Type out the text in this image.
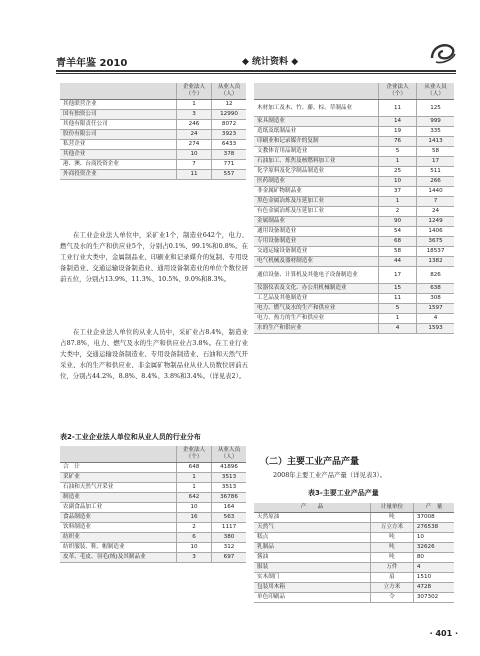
青羊年鉴 2010	◆ 统计资料 ◆
	企业法人
（个）	从业人员
（人）
其他联营企业	1	12
国有独资公司	3	12990
其他有限责任公司	246	8072
股份有限公司	24	3923
私营企业	274	6433
其他企业	10	378
港、澳、台商投资企业	7	771
外商投资企业	11	557
在工业企业法人单位中，采矿业1个，制造业642个，电力、燃气及水的生产和供应业5个，分别占0.1%、99.1%和0.8%。在工业行业大类中，金属制品业、印刷业和记录媒介的复制、专用设备制造业、交通运输设备制造业、通用设备制造业的单位个数位居前五位，分别占13.9%、11.3%、10.5%、9.0%和8.3%。
在工业企业法人单位的从业人员中，采矿业占8.4%，制造业占87.8%，电力、燃气及水的生产和供应业占3.8%。在工业行业大类中，交通运输设备制造业、专用设备制造业、石油和天然气开采业、水的生产和供应业、非金属矿物制品业从业人员数位居前五位，分别占44.2%、8.8%、8.4%、3.8%和3.4%。（详见表2）。
表2-工业企业法人单位和从业人员的行业分布
	企业法人
（个）	从业人员
（人）
合　计	648	41896
采矿业	1	3513
石油和天然气开采业	1	3513
制造业	642	36786
农副食品加工业	10	164
食品制造业	16	563
饮料制造业	2	1117
纺织业	6	380
纺织服装、鞋、帽制造业	10	312
皮革、毛皮、羽毛(绒)及其制品业	3	697
	企业法人
（个）	从业人员
（人）
木材加工及木、竹、藤、棕、草制品业	11	125
家具制造业	14	999
造纸及纸制品业	19	335
印刷业和记录媒介的复制	76	1413
文教体育用品制造业	5	58
石油加工、炼焦及核燃料加工业	1	17
化学原料及化学制品制造业	25	511
医药制造业	10	266
非金属矿物制品业	37	1440
黑色金属冶炼及压延加工业	1	7
有色金属冶炼及压延加工业	2	24
金属制品业	90	1249
通用设备制造业	54	1406
专用设备制造业	68	3675
交通运输设备制造业	58	18537
电气机械及器材制造业	44	1382
通信设备、计算机及其他电子设备制造业	17	826
仪器仪表及文化、办公用机械制造业	15	638
工艺品及其他制造业	11	308
电力、燃气及水的生产和供应业	5	1597
电力、热力的生产和供应业	1	4
水的生产和供应业	4	1593
（二）主要工业产品产量
2008年主要工业产品产量（详见表3）。
表3-主要工业产品产量
产　　品	计量单位	产　量
天然原油	吨	37008
天然气	万立方米	276538
糕点	吨	10
乳制品	吨	32626
酱油	吨	80
服装	万件	4
实木制门	扇	1510
包装用木箱	立方米	4728
单色印刷品	令	307302
· 401 ·
